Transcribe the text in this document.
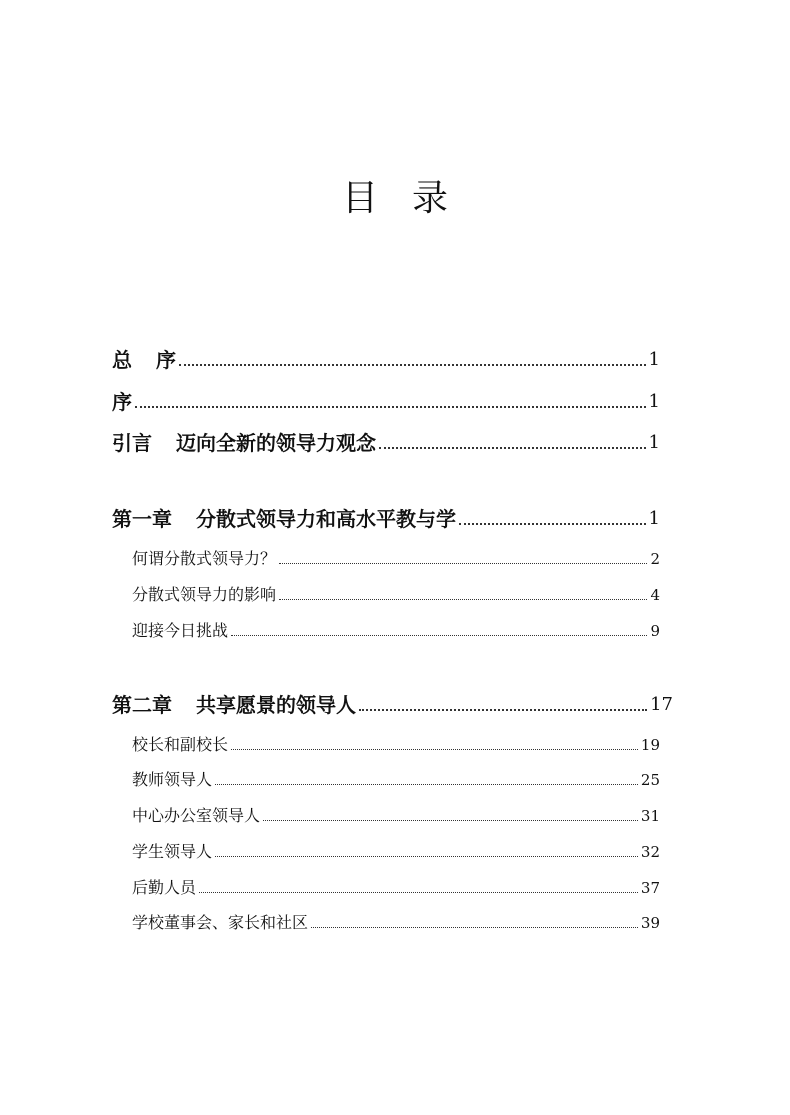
目 录
总 序	1
序	1
引言 迈向全新的领导力观念	1
第一章 分散式领导力和高水平教与学	1
何谓分散式领导力？	2
分散式领导力的影响	4
迎接今日挑战	9
第二章 共享愿景的领导人	17
校长和副校长	19
教师领导人	25
中心办公室领导人	31
学生领导人	32
后勤人员	37
学校董事会、家长和社区	39
